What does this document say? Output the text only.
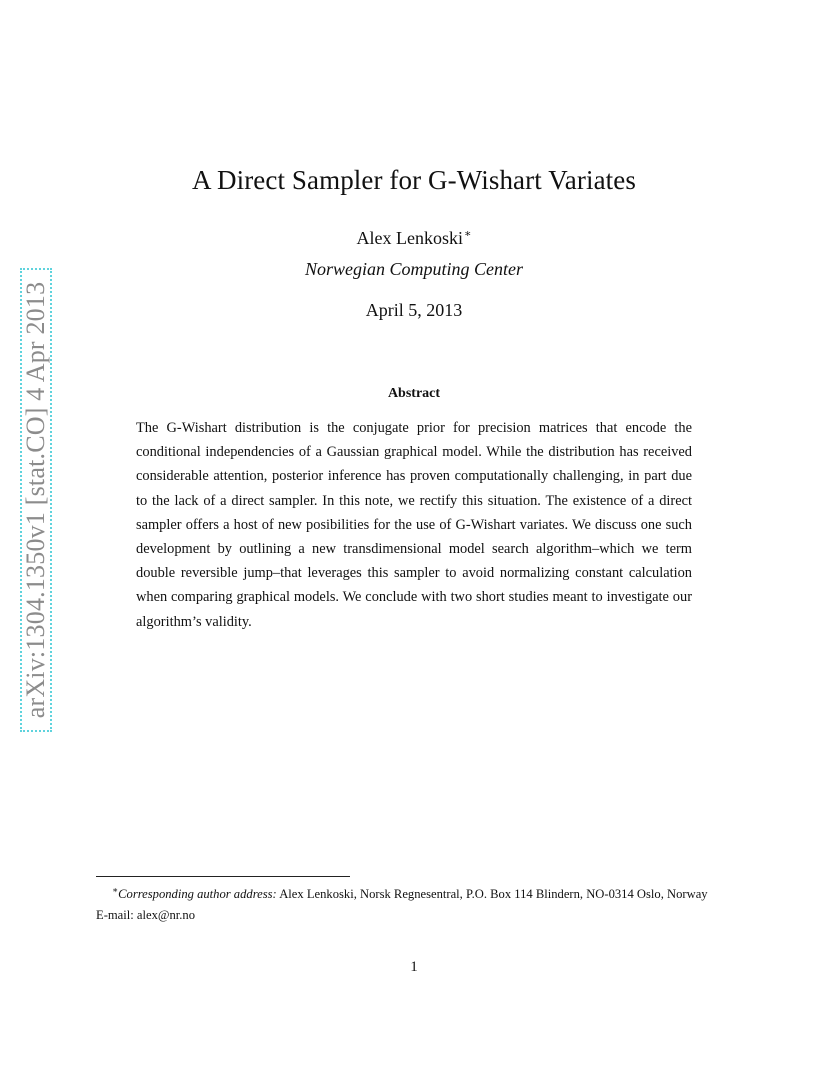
arXiv:1304.1350v1 [stat.CO] 4 Apr 2013
A Direct Sampler for G-Wishart Variates
Alex Lenkoski∗
Norwegian Computing Center
April 5, 2013
Abstract
The G-Wishart distribution is the conjugate prior for precision matrices that encode the conditional independencies of a Gaussian graphical model. While the distribution has received considerable attention, posterior inference has proven computationally challenging, in part due to the lack of a direct sampler. In this note, we rectify this situation. The existence of a direct sampler offers a host of new posibilities for the use of G-Wishart variates. We discuss one such development by outlining a new transdimensional model search algorithm–which we term double reversible jump–that leverages this sampler to avoid normalizing constant calculation when comparing graphical models. We conclude with two short studies meant to investigate our algorithm’s validity.
∗Corresponding author address: Alex Lenkoski, Norsk Regnesentral, P.O. Box 114 Blindern, NO-0314 Oslo, Norway
E-mail: alex@nr.no
1
